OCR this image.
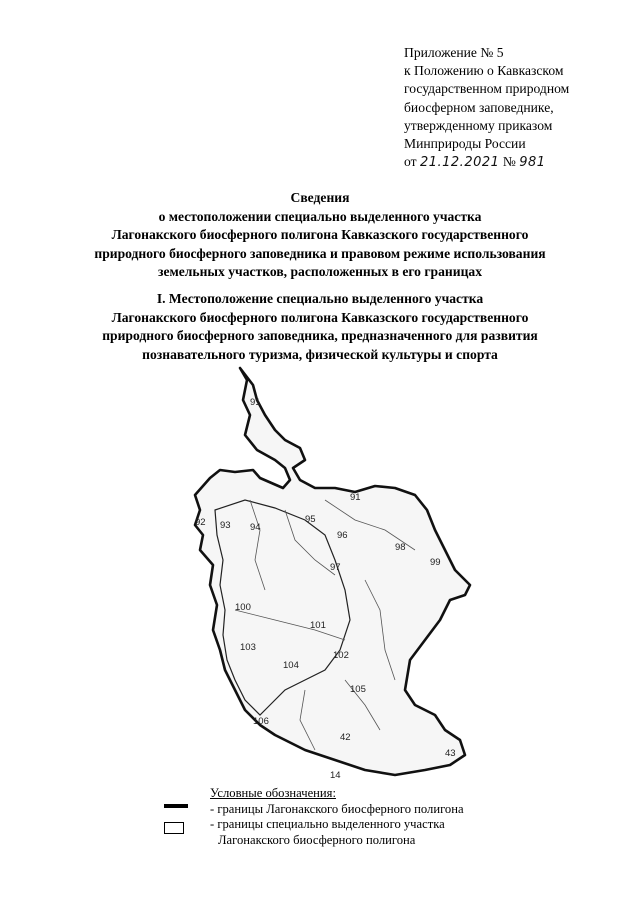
Приложение № 5
к Положению о Кавказском
государственном природном
биосферном заповеднике,
утвержденному приказом
Минприроды России
от 21.12.2021 № 981
Сведения
о местоположении специально выделенного участка
Лагонакского биосферного полигона Кавказского государственного
природного биосферного заповедника и правовом режиме использования
земельных участков, расположенных в его границах
I. Местоположение специально выделенного участка
Лагонакского биосферного полигона Кавказского государственного
природного биосферного заповедника, предназначенного для развития
познавательного туризма, физической культуры и спорта
91
91
92 93 94
95
96
97
98
99
100
101
102
103
104
105
106
42
43
14
Условные обозначения:
- границы Лагонакского биосферного полигона
- границы специально выделенного участка
Лагонакского биосферного полигона
